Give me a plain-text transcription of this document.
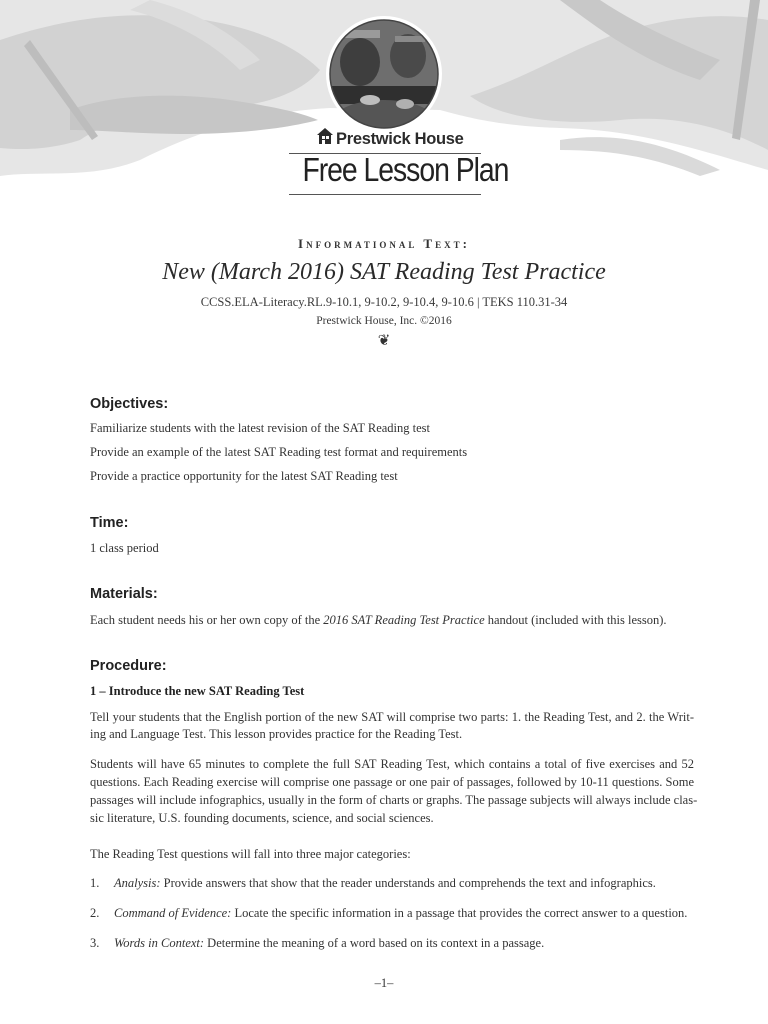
Prestwick House
Free Lesson Plan
Informational Text:
New (March 2016) SAT Reading Test Practice
CCSS.ELA-Literacy.RL.9-10.1, 9-10.2, 9-10.4, 9-10.6 | TEKS 110.31-34
Prestwick House, Inc. ©2016
❦
Objectives:
Familiarize students with the latest revision of the SAT Reading test
Provide an example of the latest SAT Reading test format and requirements
Provide a practice opportunity for the latest SAT Reading test
Time:
1 class period
Materials:
Each student needs his or her own copy of the 2016 SAT Reading Test Practice handout (included with this lesson).
Procedure:
1 – Introduce the new SAT Reading Test
Tell your students that the English portion of the new SAT will comprise two parts: 1. the Reading Test, and 2. the Writ-
ing and Language Test. This lesson provides practice for the Reading Test.
Students will have 65 minutes to complete the full SAT Reading Test, which contains a total of five exercises and 52
questions. Each Reading exercise will comprise one passage or one pair of passages, followed by 10-11 questions. Some
passages will include infographics, usually in the form of charts or graphs. The passage subjects will always include clas-
sic literature, U.S. founding documents, science, and social sciences.
The Reading Test questions will fall into three major categories:
1. Analysis: Provide answers that show that the reader understands and comprehends the text and infographics.
2. Command of Evidence: Locate the specific information in a passage that provides the correct answer to a question.
3. Words in Context: Determine the meaning of a word based on its context in a passage.
–1–
